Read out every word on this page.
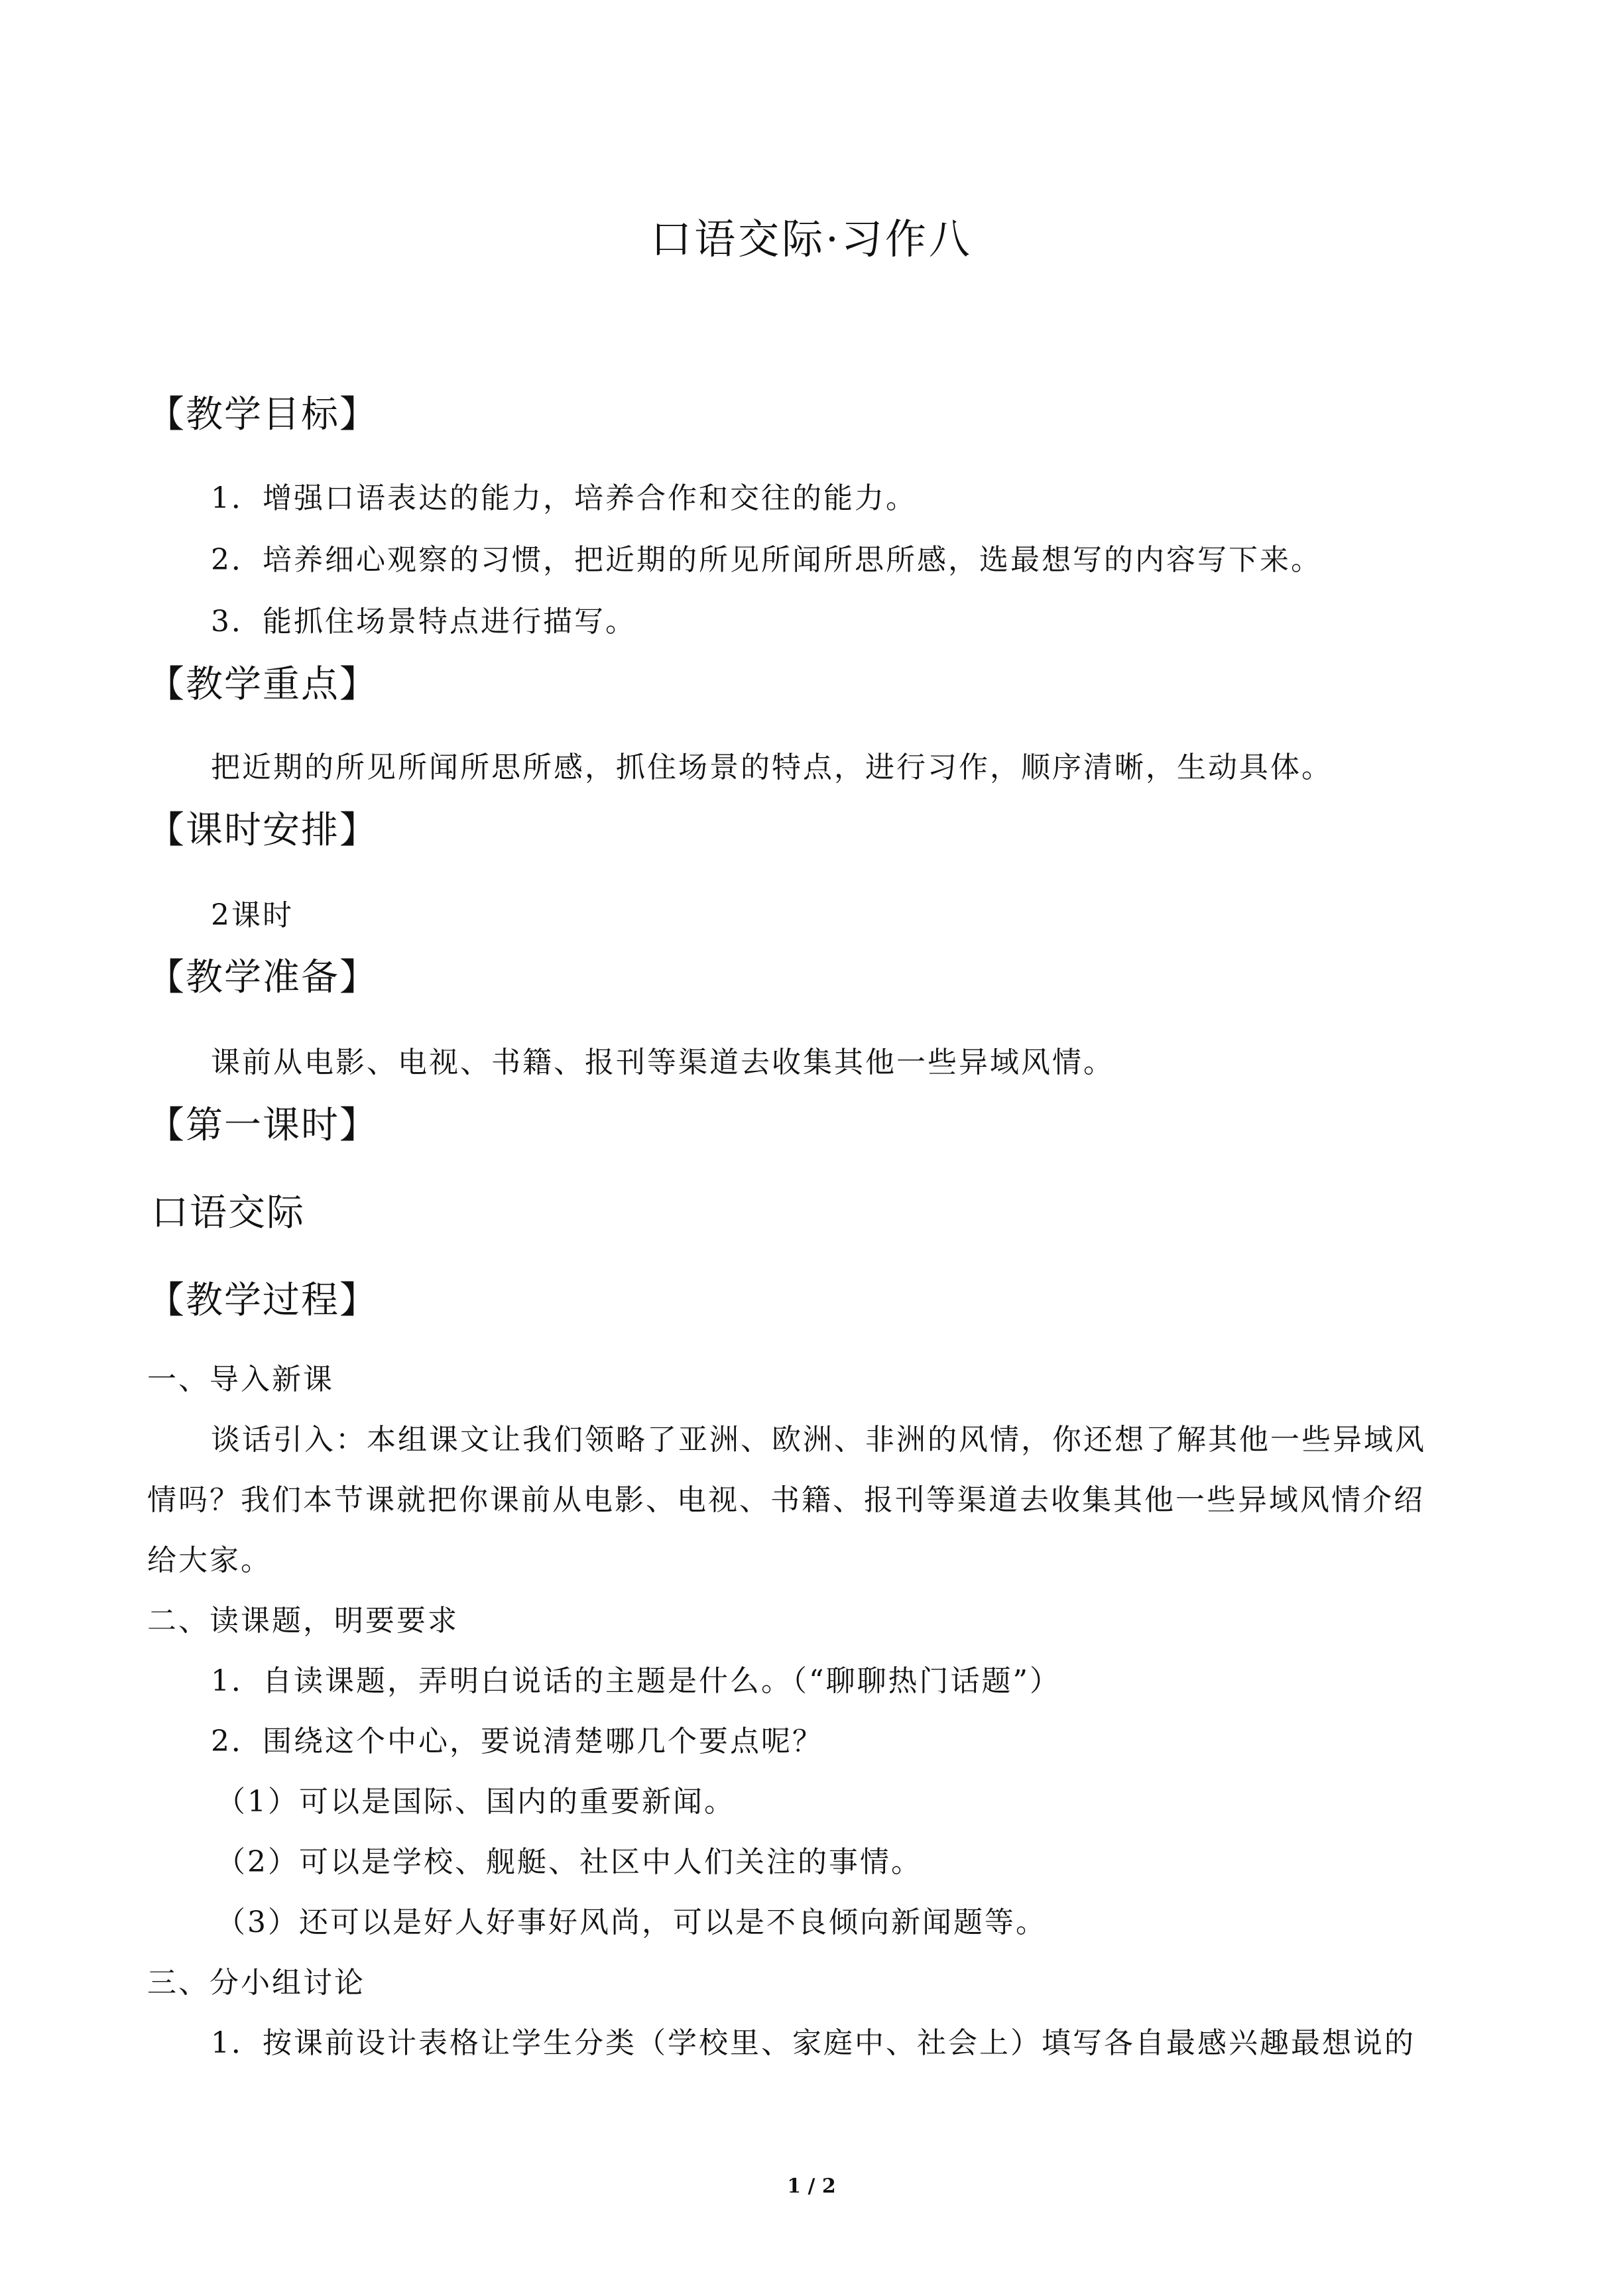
口语交际·习作八
【教学目标】
1．增强口语表达的能力，培养合作和交往的能力。
2．培养细心观察的习惯，把近期的所见所闻所思所感，选最想写的内容写下来。
3．能抓住场景特点进行描写。
【教学重点】
把近期的所见所闻所思所感，抓住场景的特点，进行习作，顺序清晰，生动具体。
【课时安排】
2课时
【教学准备】
课前从电影、电视、书籍、报刊等渠道去收集其他一些异域风情。
【第一课时】
口语交际
【教学过程】
一、导入新课
谈话引入：本组课文让我们领略了亚洲、欧洲、非洲的风情，你还想了解其他一些异域风
情吗？我们本节课就把你课前从电影、电视、书籍、报刊等渠道去收集其他一些异域风情介绍
给大家。
二、读课题，明要要求
1．自读课题，弄明白说话的主题是什么。（“聊聊热门话题”）
2．围绕这个中心，要说清楚哪几个要点呢？
（1）可以是国际、国内的重要新闻。
（2）可以是学校、舰艇、社区中人们关注的事情。
（3）还可以是好人好事好风尚，可以是不良倾向新闻题等。
三、分小组讨论
1．按课前设计表格让学生分类（学校里、家庭中、社会上）填写各自最感兴趣最想说的
1 / 2
